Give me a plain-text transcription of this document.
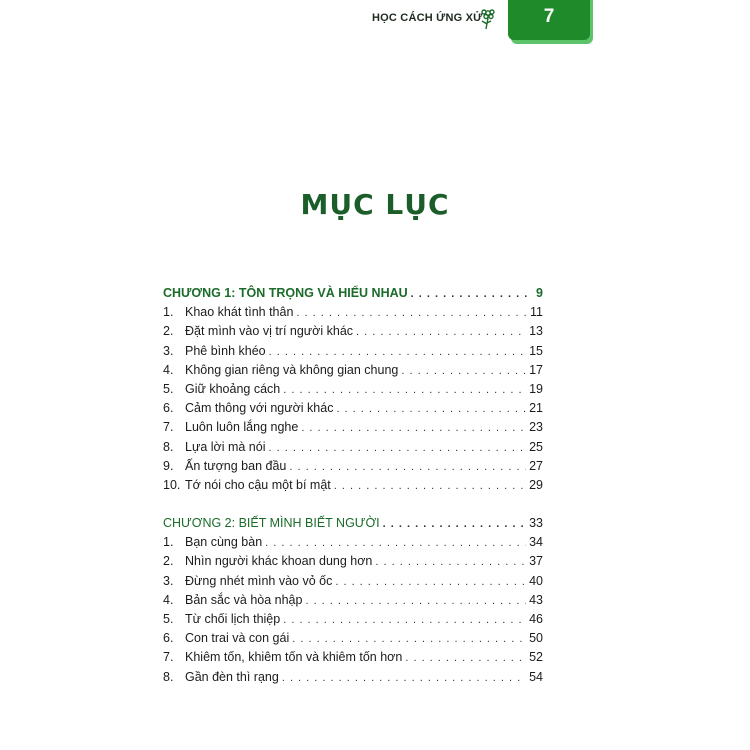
HỌC CÁCH ỨNG XỬ	7
MỤC LỤC
CHƯƠNG 1: TÔN TRỌNG VÀ HIỂU NHAU . . .	9
1. Khao khát tình thân . . .	11
2. Đặt mình vào vị trí người khác . . .	13
3. Phê bình khéo . . .	15
4. Không gian riêng và không gian chung . . .	17
5. Giữ khoảng cách . . .	19
6. Cảm thông với người khác . . .	21
7. Luôn luôn lắng nghe . . .	23
8. Lựa lời mà nói . . .	25
9. Ấn tượng ban đầu . . .	27
10. Tớ nói cho cậu một bí mật . . .	29
CHƯƠNG 2: BIẾT MÌNH BIẾT NGƯỜI . . .	33
1. Bạn cùng bàn . . .	34
2. Nhìn người khác khoan dung hơn . . .	37
3. Đừng nhét mình vào vỏ ốc . . .	40
4. Bản sắc và hòa nhập . . .	43
5. Từ chối lịch thiệp . . .	46
6. Con trai và con gái . . .	50
7. Khiêm tốn, khiêm tốn và khiêm tốn hơn . . .	52
8. Gần đèn thì rạng . . .	54
